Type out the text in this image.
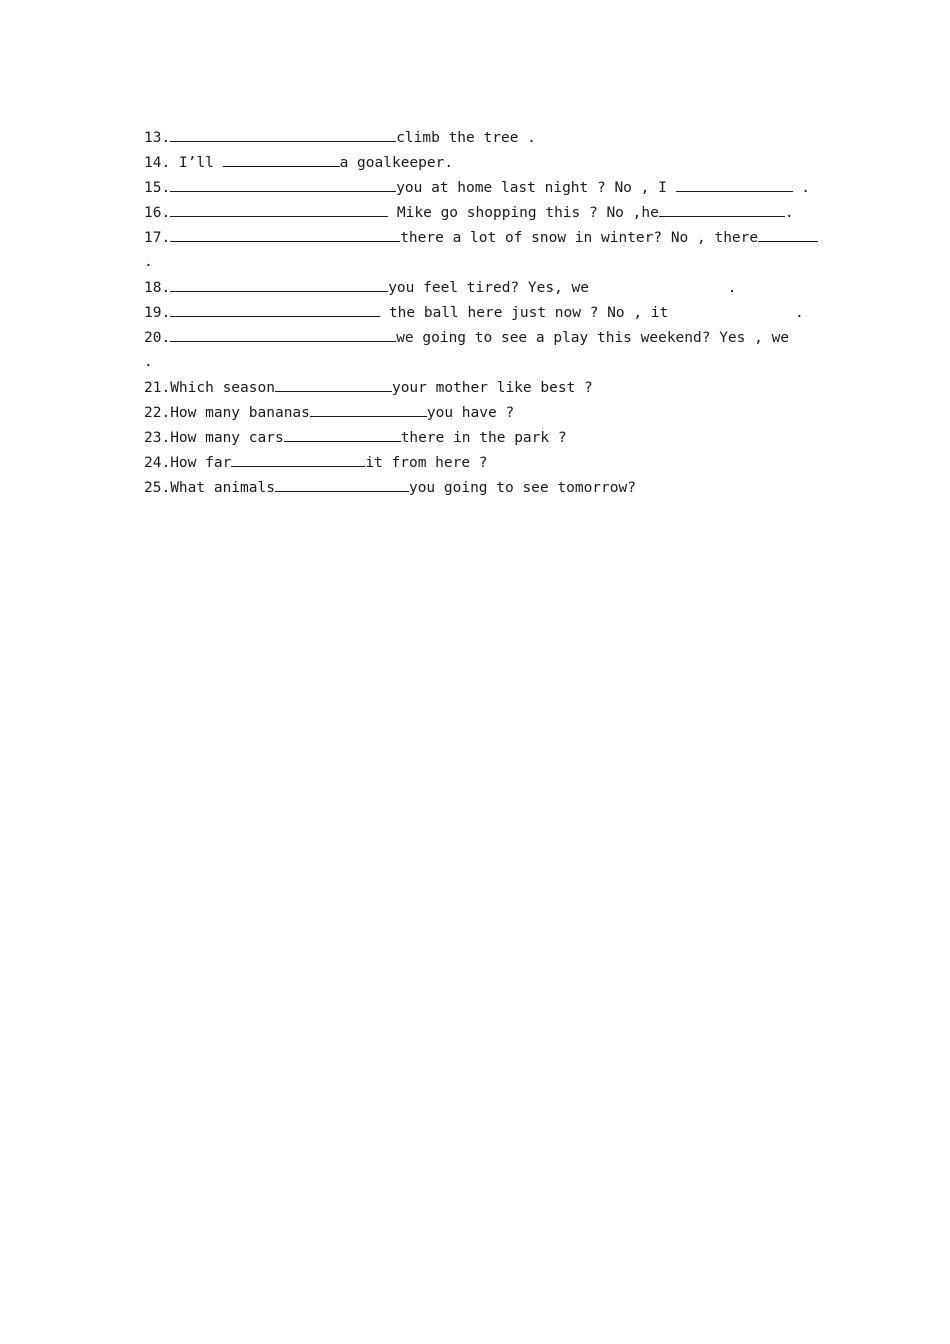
13.	climb the tree .
14. I’ll	a goalkeeper.
15.	you at home last night ? No , I	.
16.	Mike go shopping this ? No ,he	.
17.	there a lot of snow in winter? No , there
.
18.	you feel tired? Yes, we	.
19.	the ball here just now ? No , it	.
20.	we going to see a play this weekend? Yes , we
.
21.Which season	your mother like best ?
22.How many bananas	you have ?
23.How many cars	there in the park ?
24.How far	it from here ?
25.What animals	you going to see tomorrow?
